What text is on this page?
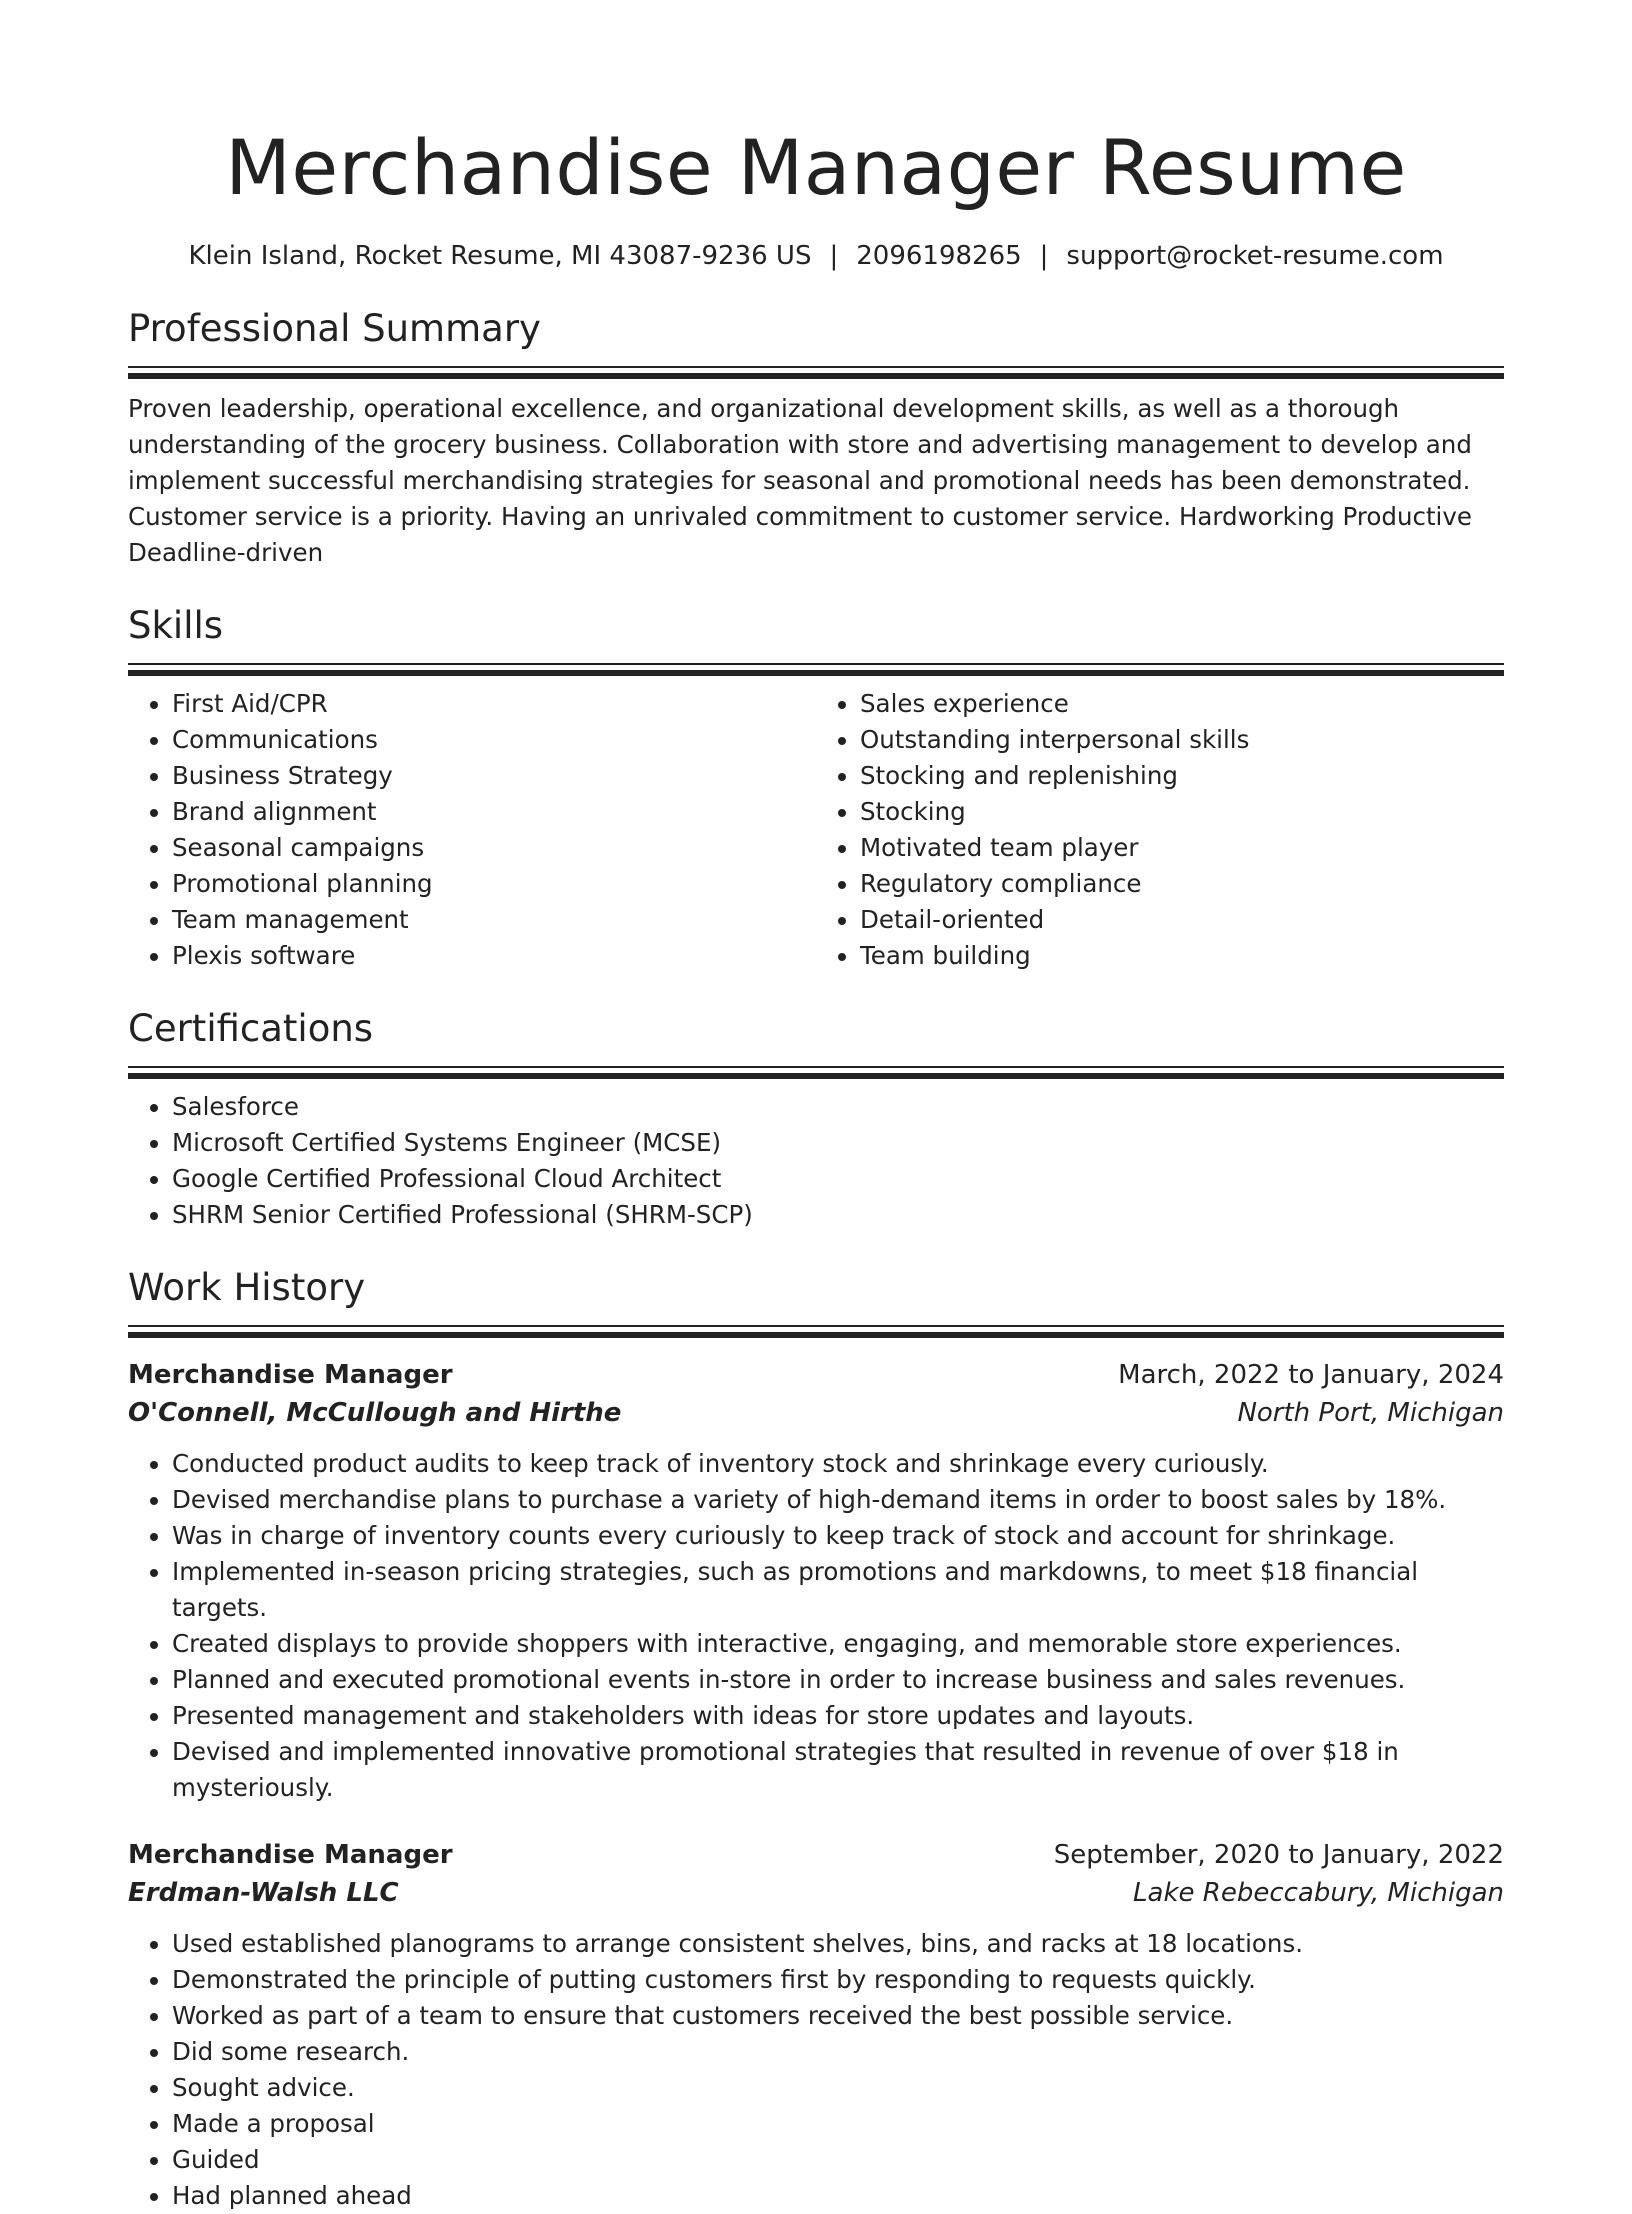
Merchandise Manager Resume
Klein Island, Rocket Resume, MI 43087-9236 US | 2096198265 | support@rocket-resume.com
Professional Summary

Proven leadership, operational excellence, and organizational development skills, as well as a thorough understanding of the grocery business. Collaboration with store and advertising management to develop and implement successful merchandising strategies for seasonal and promotional needs has been demonstrated. Customer service is a priority. Having an unrivaled commitment to customer service. Hardworking Productive Deadline-driven

Skills
• First Aid/CPR
• Communications
• Business Strategy
• Brand alignment
• Seasonal campaigns
• Promotional planning
• Team management
• Plexis software
• Sales experience
• Outstanding interpersonal skills
• Stocking and replenishing
• Stocking
• Motivated team player
• Regulatory compliance
• Detail-oriented
• Team building
Certifications
• Salesforce
• Microsoft Certified Systems Engineer (MCSE)
• Google Certified Professional Cloud Architect
• SHRM Senior Certified Professional (SHRM-SCP)
Work History
Merchandise Manager	March, 2022 to January, 2024
O'Connell, McCullough and Hirthe	North Port, Michigan
• Conducted product audits to keep track of inventory stock and shrinkage every curiously.
• Devised merchandise plans to purchase a variety of high-demand items in order to boost sales by 18%.
• Was in charge of inventory counts every curiously to keep track of stock and account for shrinkage.
• Implemented in-season pricing strategies, such as promotions and markdowns, to meet $18 financial targets.
• Created displays to provide shoppers with interactive, engaging, and memorable store experiences.
• Planned and executed promotional events in-store in order to increase business and sales revenues.
• Presented management and stakeholders with ideas for store updates and layouts.
• Devised and implemented innovative promotional strategies that resulted in revenue of over $18 in mysteriously.
Merchandise Manager	September, 2020 to January, 2022
Erdman-Walsh LLC	Lake Rebeccabury, Michigan
• Used established planograms to arrange consistent shelves, bins, and racks at 18 locations.
• Demonstrated the principle of putting customers first by responding to requests quickly.
• Worked as part of a team to ensure that customers received the best possible service.
• Did some research.
• Sought advice.
• Made a proposal
• Guided
• Had planned ahead
